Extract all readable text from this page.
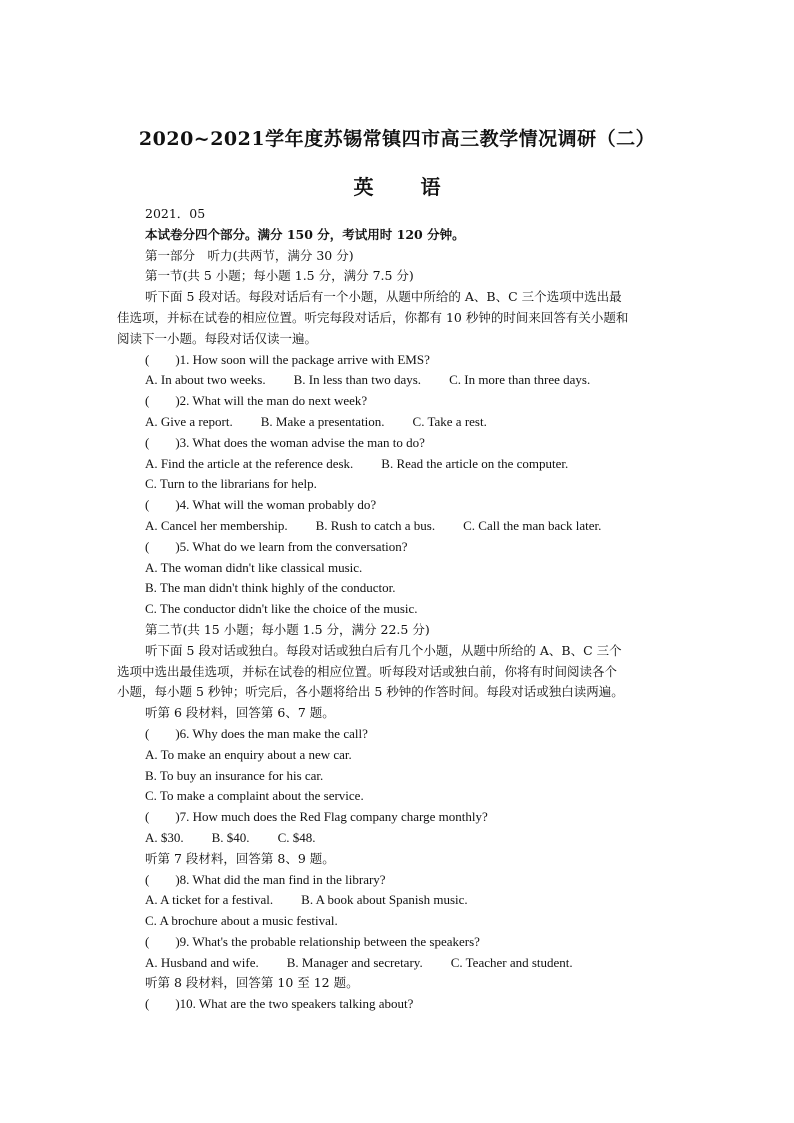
2020~2021学年度苏锡常镇四市高三教学情况调研（二）
英 语
2021．05
本试卷分四个部分。满分 150 分，考试用时 120 分钟。
第一部分　听力(共两节，满分 30 分)
第一节(共 5 小题；每小题 1.5 分，满分 7.5 分)
听下面 5 段对话。每段对话后有一个小题，从题中所给的 A、B、C 三个选项中选出最
佳选项，并标在试卷的相应位置。听完每段对话后，你都有 10 秒钟的时间来回答有关小题和
阅读下一小题。每段对话仅读一遍。
(　　)1. How soon will the package arrive with EMS?
A. In about two weeks. B. In less than two days. C. In more than three days.
(　　)2. What will the man do next week?
A. Give a report. B. Make a presentation. C. Take a rest.
(　　)3. What does the woman advise the man to do?
A. Find the article at the reference desk. B. Read the article on the computer.
C. Turn to the librarians for help.
(　　)4. What will the woman probably do?
A. Cancel her membership. B. Rush to catch a bus. C. Call the man back later.
(　　)5. What do we learn from the conversation?
A. The woman didn't like classical music.
B. The man didn't think highly of the conductor.
C. The conductor didn't like the choice of the music.
第二节(共 15 小题；每小题 1.5 分，满分 22.5 分)
听下面 5 段对话或独白。每段对话或独白后有几个小题，从题中所给的 A、B、C 三个
选项中选出最佳选项，并标在试卷的相应位置。听每段对话或独白前，你将有时间阅读各个
小题，每小题 5 秒钟；听完后，各小题将给出 5 秒钟的作答时间。每段对话或独白读两遍。
听第 6 段材料，回答第 6、7 题。
(　　)6. Why does the man make the call?
A. To make an enquiry about a new car.
B. To buy an insurance for his car.
C. To make a complaint about the service.
(　　)7. How much does the Red Flag company charge monthly?
A. $30. B. $40. C. $48.
听第 7 段材料，回答第 8、9 题。
(　　)8. What did the man find in the library?
A. A ticket for a festival. B. A book about Spanish music.
C. A brochure about a music festival.
(　　)9. What's the probable relationship between the speakers?
A. Husband and wife. B. Manager and secretary. C. Teacher and student.
听第 8 段材料，回答第 10 至 12 题。
(　　)10. What are the two speakers talking about?
